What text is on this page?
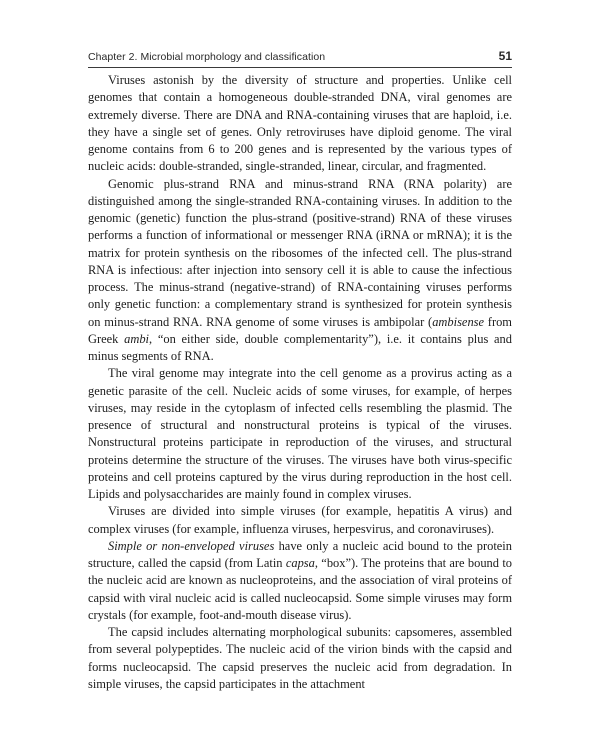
Chapter 2. Microbial morphology and classification	51

Viruses astonish by the diversity of structure and properties. Unlike cell genomes that contain a homogeneous double-stranded DNA, viral genomes are extremely diverse. There are DNA and RNA-containing viruses that are haploid, i.e. they have a single set of genes. Only retroviruses have diploid genome. The viral genome contains from 6 to 200 genes and is represented by the various types of nucleic acids: double-stranded, single-stranded, linear, circular, and fragmented.

Genomic plus-strand RNA and minus-strand RNA (RNA polarity) are distinguished among the single-stranded RNA-containing viruses. In addition to the genomic (genetic) function the plus-strand (positive-strand) RNA of these viruses performs a function of informational or messenger RNA (iRNA or mRNA); it is the matrix for protein synthesis on the ribosomes of the infected cell. The plus-strand RNA is infectious: after injection into sensory cell it is able to cause the infectious process. The minus-strand (negative-strand) of RNA-containing viruses performs only genetic function: a complementary strand is synthesized for protein synthesis on minus-strand RNA. RNA genome of some viruses is ambipolar (ambisense from Greek ambi, “on either side, double complementarity”), i.e. it contains plus and minus segments of RNA.

The viral genome may integrate into the cell genome as a provirus acting as a genetic parasite of the cell. Nucleic acids of some viruses, for example, of herpes viruses, may reside in the cytoplasm of infected cells resembling the plasmid. The presence of structural and nonstructural proteins is typical of the viruses. Nonstructural proteins participate in reproduction of the viruses, and structural proteins determine the structure of the viruses. The viruses have both virus-specific proteins and cell proteins captured by the virus during reproduction in the host cell. Lipids and polysaccharides are mainly found in complex viruses.

Viruses are divided into simple viruses (for example, hepatitis A virus) and complex viruses (for example, influenza viruses, herpesvirus, and coronaviruses).

Simple or non-enveloped viruses have only a nucleic acid bound to the protein structure, called the capsid (from Latin capsa, “box”). The proteins that are bound to the nucleic acid are known as nucleoproteins, and the association of viral proteins of capsid with viral nucleic acid is called nucleocapsid. Some simple viruses may form crystals (for example, foot-and-mouth disease virus).

The capsid includes alternating morphological subunits: capsomeres, assembled from several polypeptides. The nucleic acid of the virion binds with the capsid and forms nucleocapsid. The capsid preserves the nucleic acid from degradation. In simple viruses, the capsid participates in the attachment
